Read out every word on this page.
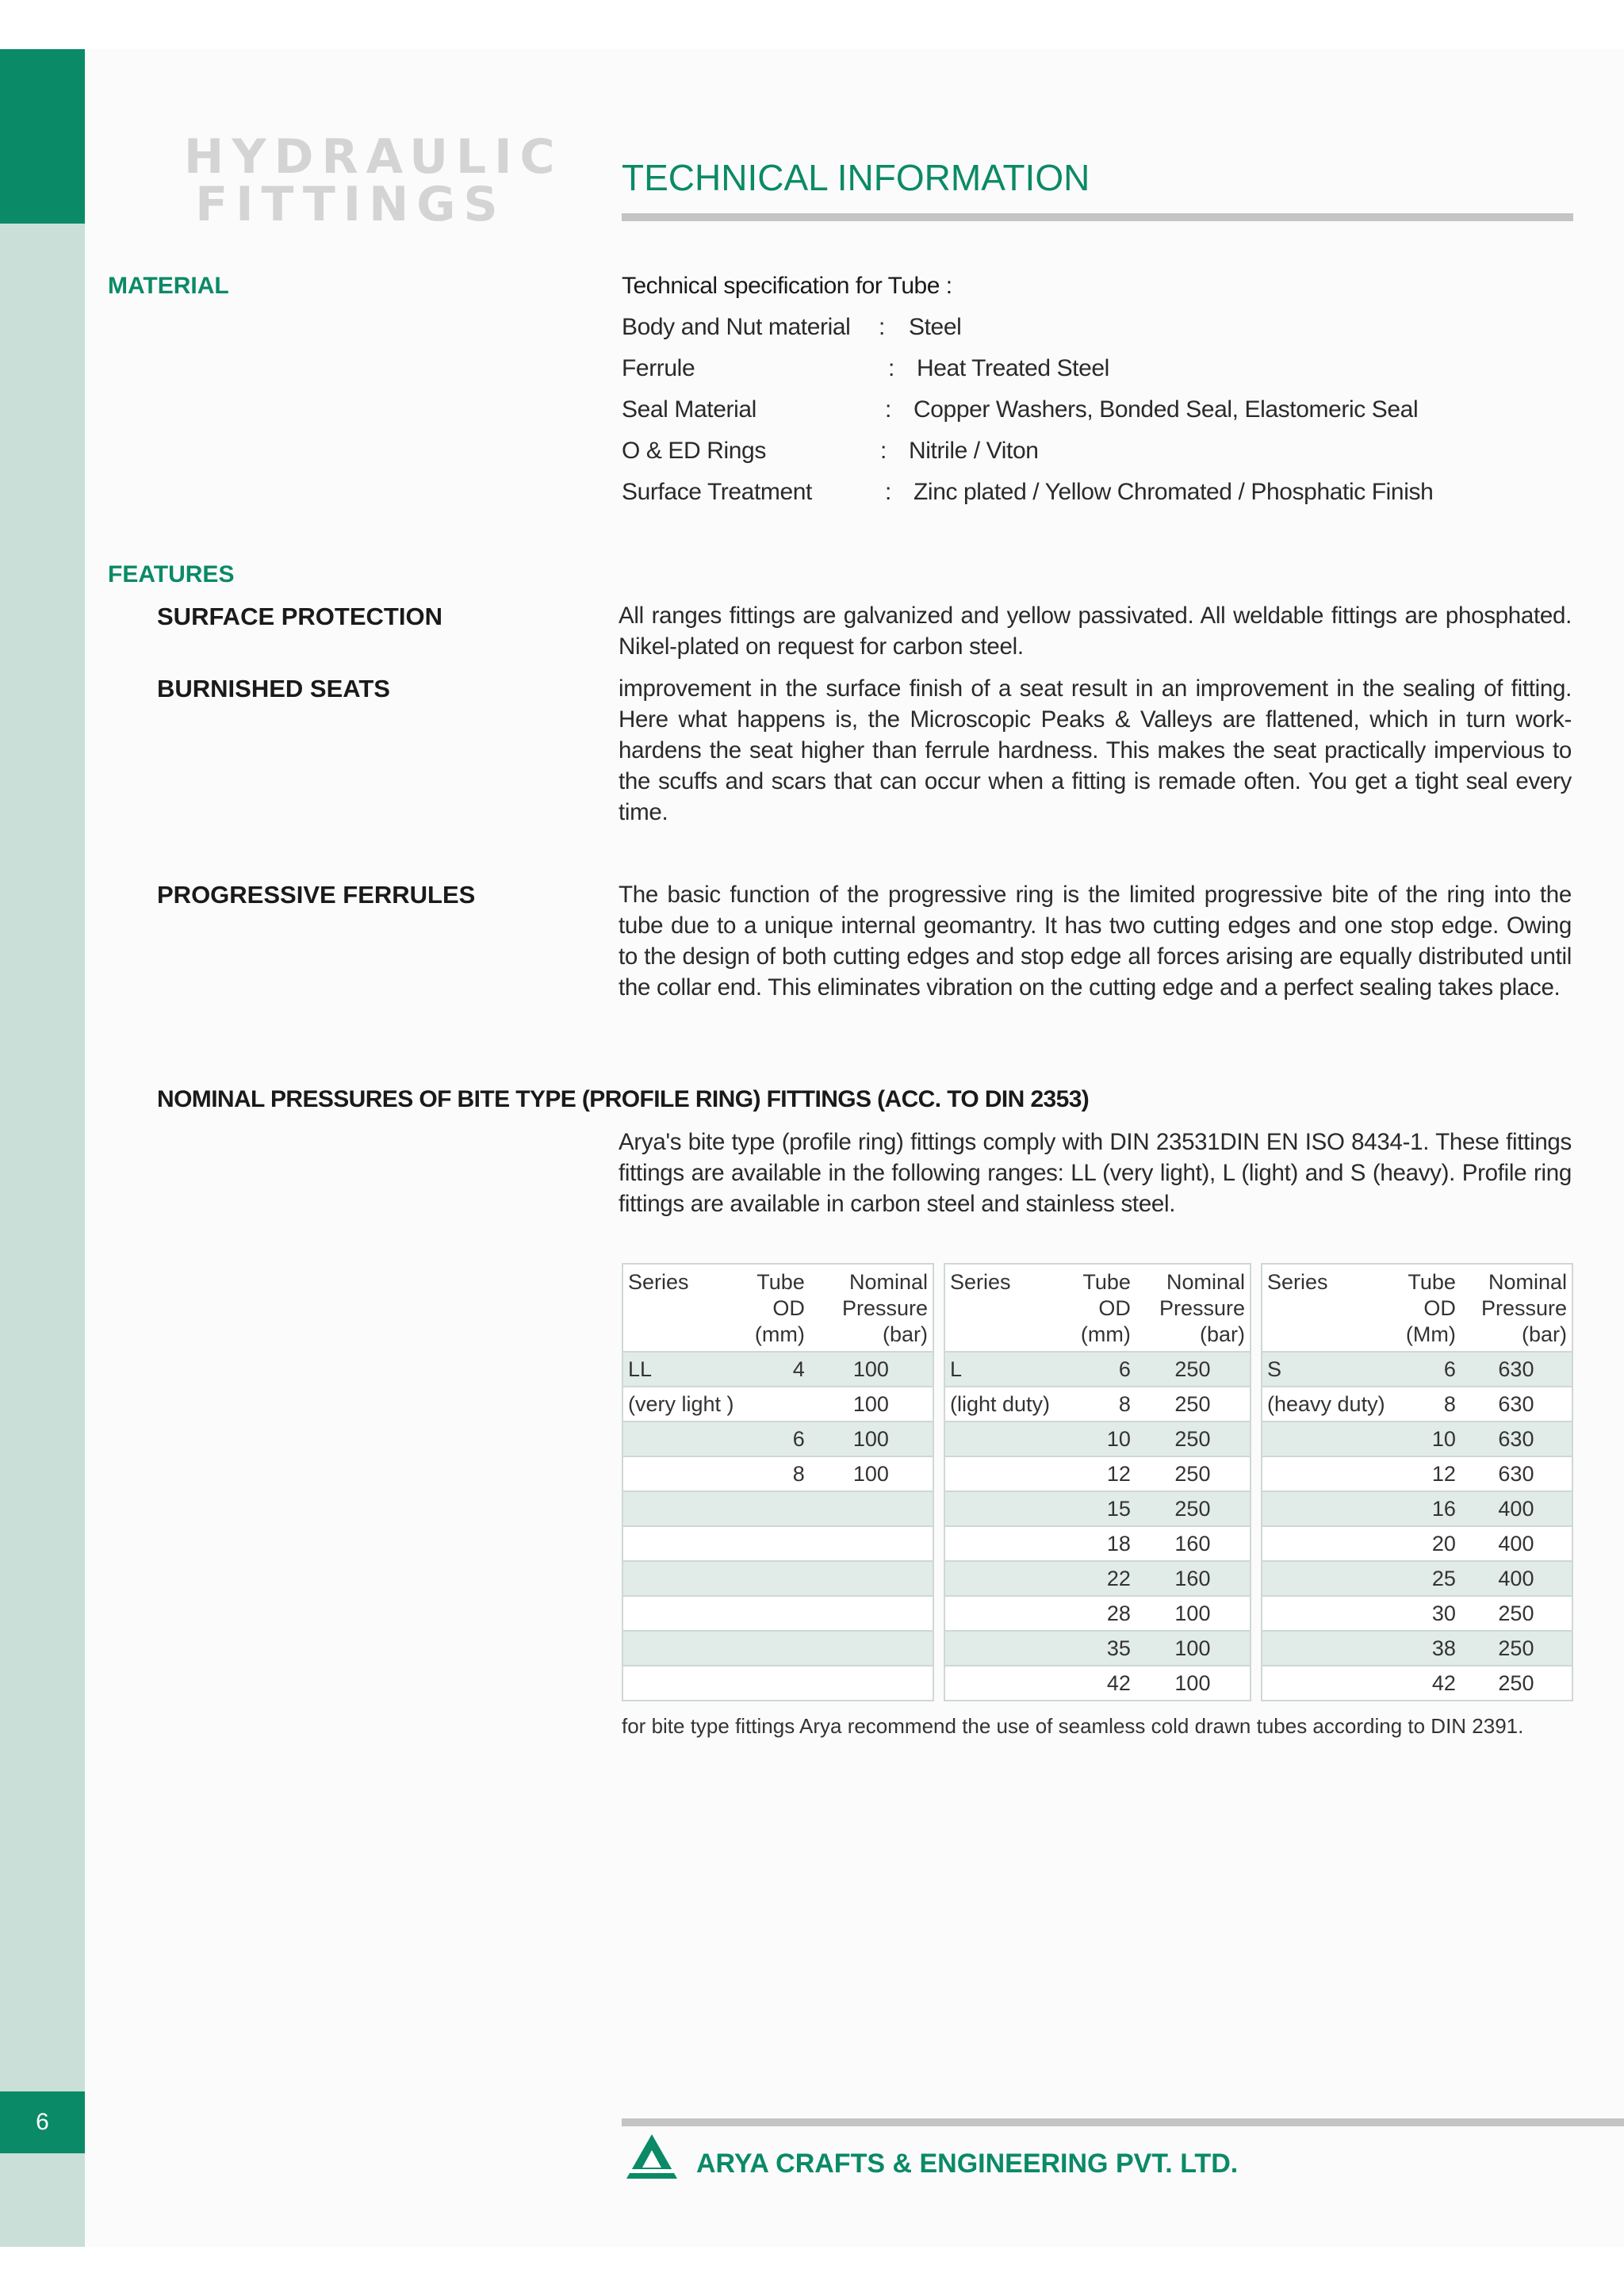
HYDRAULIC
FITTINGS	TECHNICAL INFORMATION
MATERIAL	Technical specification for Tube :
Body and Nut material : Steel
Ferrule	: Heat Treated Steel
Seal Material	: Copper Washers, Bonded Seal, Elastomeric Seal
O & ED Rings	: Nitrile / Viton
Surface Treatment	: Zinc plated / Yellow Chromated / Phosphatic Finish
FEATURES
SURFACE PROTECTION	All ranges fittings are galvanized and yellow passivated. All weldable fittings are phosphated. Nikel-plated on request for carbon steel.

BURNISHED SEATS	improvement in the surface finish of a seat result in an improvement in the sealing of fitting. Here what happens is, the Microscopic Peaks & Valleys are flattened, which in turn work-hardens the seat higher than ferrule hardness. This makes the seat practically impervious to the scuffs and scars that can occur when a fitting is remade often. You get a tight seal every time.

PROGRESSIVE FERRULES	The basic function of the progressive ring is the limited progressive bite of the ring into the tube due to a unique internal geomantry. It has two cutting edges and one stop edge. Owing to the design of both cutting edges and stop edge all forces arising are equally distributed until the collar end. This eliminates vibration on the cutting edge and a perfect sealing takes place.

NOMINAL PRESSURES OF BITE TYPE (PROFILE RING) FITTINGS (ACC. TO DIN 2353)

Arya's bite type (profile ring) fittings comply with DIN 23531DIN EN ISO 8434-1. These fittings fittings are available in the following ranges: LL (very light), L (light) and S (heavy). Profile ring fittings are available in carbon steel and stainless steel.

Series	Tube OD (mm)	Nominal Pressure (bar)
LL	4	100
(very light )		100
	6	100
	8	100

Series	Tube OD (mm)	Nominal Pressure (bar)
L	6	250
(light duty)	8	250
	10	250
	12	250
	15	250
	18	160
	22	160
	28	100
	35	100
	42	100
Series	Tube OD (Mm)	Nominal Pressure (bar)
S	6	630
(heavy duty)	8	630
	10	630
	12	630
	16	400
	20	400
	25	400
	30	250
	38	250
	42	250
for bite type fittings Arya recommend the use of seamless cold drawn tubes according to DIN 2391.
6
ARYA CRAFTS & ENGINEERING PVT. LTD.
